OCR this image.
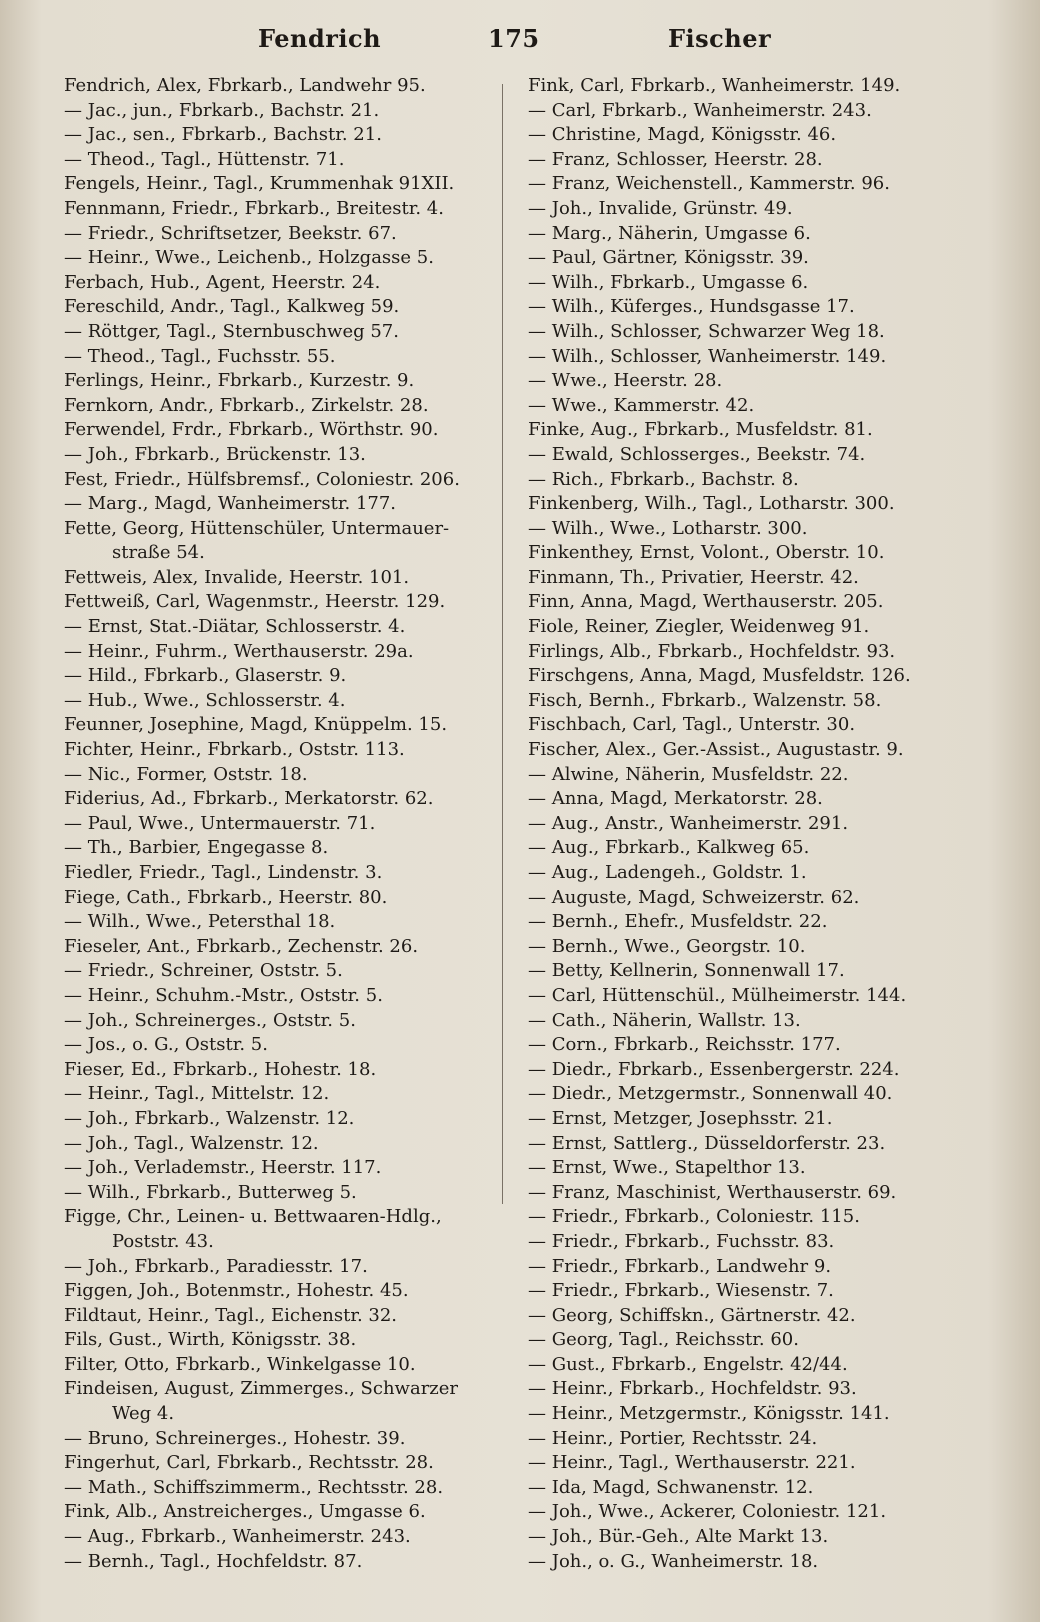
Fendrich	175	Fischer
Fendrich, Alex, Fbrkarb., Landwehr 95.
— Jac., jun., Fbrkarb., Bachstr. 21.
— Jac., sen., Fbrkarb., Bachstr. 21.
— Theod., Tagl., Hüttenstr. 71.
Fengels, Heinr., Tagl., Krummenhak 91XII.
Fennmann, Friedr., Fbrkarb., Breitestr. 4.
— Friedr., Schriftsetzer, Beekstr. 67.
— Heinr., Wwe., Leichenb., Holzgasse 5.
Ferbach, Hub., Agent, Heerstr. 24.
Fereschild, Andr., Tagl., Kalkweg 59.
— Röttger, Tagl., Sternbuschweg 57.
— Theod., Tagl., Fuchsstr. 55.
Ferlings, Heinr., Fbrkarb., Kurzestr. 9.
Fernkorn, Andr., Fbrkarb., Zirkelstr. 28.
Ferwendel, Frdr., Fbrkarb., Wörthstr. 90.
— Joh., Fbrkarb., Brückenstr. 13.
Fest, Friedr., Hülfsbremsf., Coloniestr. 206.
— Marg., Magd, Wanheimerstr. 177.
Fette, Georg, Hüttenschüler, Untermauer-
straße 54.
Fettweis, Alex, Invalide, Heerstr. 101.
Fettweiß, Carl, Wagenmstr., Heerstr. 129.
— Ernst, Stat.-Diätar, Schlosserstr. 4.
— Heinr., Fuhrm., Werthauserstr. 29a.
— Hild., Fbrkarb., Glaserstr. 9.
— Hub., Wwe., Schlosserstr. 4.
Feunner, Josephine, Magd, Knüppelm. 15.
Fichter, Heinr., Fbrkarb., Oststr. 113.
— Nic., Former, Oststr. 18.
Fiderius, Ad., Fbrkarb., Merkatorstr. 62.
— Paul, Wwe., Untermauerstr. 71.
— Th., Barbier, Engegasse 8.
Fiedler, Friedr., Tagl., Lindenstr. 3.
Fiege, Cath., Fbrkarb., Heerstr. 80.
— Wilh., Wwe., Petersthal 18.
Fieseler, Ant., Fbrkarb., Zechenstr. 26.
— Friedr., Schreiner, Oststr. 5.
— Heinr., Schuhm.-Mstr., Oststr. 5.
— Joh., Schreinerges., Oststr. 5.
— Jos., o. G., Oststr. 5.
Fieser, Ed., Fbrkarb., Hohestr. 18.
— Heinr., Tagl., Mittelstr. 12.
— Joh., Fbrkarb., Walzenstr. 12.
— Joh., Tagl., Walzenstr. 12.
— Joh., Verlademstr., Heerstr. 117.
— Wilh., Fbrkarb., Butterweg 5.
Figge, Chr., Leinen- u. Bettwaaren-Hdlg.,
Poststr. 43.
— Joh., Fbrkarb., Paradiesstr. 17.
Figgen, Joh., Botenmstr., Hohestr. 45.
Fildtaut, Heinr., Tagl., Eichenstr. 32.
Fils, Gust., Wirth, Königsstr. 38.
Filter, Otto, Fbrkarb., Winkelgasse 10.
Findeisen, August, Zimmerges., Schwarzer
Weg 4.
— Bruno, Schreinerges., Hohestr. 39.
Fingerhut, Carl, Fbrkarb., Rechtsstr. 28.
— Math., Schiffszimmerm., Rechtsstr. 28.
Fink, Alb., Anstreicherges., Umgasse 6.
— Aug., Fbrkarb., Wanheimerstr. 243.
— Bernh., Tagl., Hochfeldstr. 87.
Fink, Carl, Fbrkarb., Wanheimerstr. 149.
— Carl, Fbrkarb., Wanheimerstr. 243.
— Christine, Magd, Königsstr. 46.
— Franz, Schlosser, Heerstr. 28.
— Franz, Weichenstell., Kammerstr. 96.
— Joh., Invalide, Grünstr. 49.
— Marg., Näherin, Umgasse 6.
— Paul, Gärtner, Königsstr. 39.
— Wilh., Fbrkarb., Umgasse 6.
— Wilh., Küferges., Hundsgasse 17.
— Wilh., Schlosser, Schwarzer Weg 18.
— Wilh., Schlosser, Wanheimerstr. 149.
— Wwe., Heerstr. 28.
— Wwe., Kammerstr. 42.
Finke, Aug., Fbrkarb., Musfeldstr. 81.
— Ewald, Schlosserges., Beekstr. 74.
— Rich., Fbrkarb., Bachstr. 8.
Finkenberg, Wilh., Tagl., Lotharstr. 300.
— Wilh., Wwe., Lotharstr. 300.
Finkenthey, Ernst, Volont., Oberstr. 10.
Finmann, Th., Privatier, Heerstr. 42.
Finn, Anna, Magd, Werthauserstr. 205.
Fiole, Reiner, Ziegler, Weidenweg 91.
Firlings, Alb., Fbrkarb., Hochfeldstr. 93.
Firschgens, Anna, Magd, Musfeldstr. 126.
Fisch, Bernh., Fbrkarb., Walzenstr. 58.
Fischbach, Carl, Tagl., Unterstr. 30.
Fischer, Alex., Ger.-Assist., Augustastr. 9.
— Alwine, Näherin, Musfeldstr. 22.
— Anna, Magd, Merkatorstr. 28.
— Aug., Anstr., Wanheimerstr. 291.
— Aug., Fbrkarb., Kalkweg 65.
— Aug., Ladengeh., Goldstr. 1.
— Auguste, Magd, Schweizerstr. 62.
— Bernh., Ehefr., Musfeldstr. 22.
— Bernh., Wwe., Georgstr. 10.
— Betty, Kellnerin, Sonnenwall 17.
— Carl, Hüttenschül., Mülheimerstr. 144.
— Cath., Näherin, Wallstr. 13.
— Corn., Fbrkarb., Reichsstr. 177.
— Diedr., Fbrkarb., Essenbergerstr. 224.
— Diedr., Metzgermstr., Sonnenwall 40.
— Ernst, Metzger, Josephsstr. 21.
— Ernst, Sattlerg., Düsseldorferstr. 23.
— Ernst, Wwe., Stapelthor 13.
— Franz, Maschinist, Werthauserstr. 69.
— Friedr., Fbrkarb., Coloniestr. 115.
— Friedr., Fbrkarb., Fuchsstr. 83.
— Friedr., Fbrkarb., Landwehr 9.
— Friedr., Fbrkarb., Wiesenstr. 7.
— Georg, Schiffskn., Gärtnerstr. 42.
— Georg, Tagl., Reichsstr. 60.
— Gust., Fbrkarb., Engelstr. 42/44.
— Heinr., Fbrkarb., Hochfeldstr. 93.
— Heinr., Metzgermstr., Königsstr. 141.
— Heinr., Portier, Rechtsstr. 24.
— Heinr., Tagl., Werthauserstr. 221.
— Ida, Magd, Schwanenstr. 12.
— Joh., Wwe., Ackerer, Coloniestr. 121.
— Joh., Bür.-Geh., Alte Markt 13.
— Joh., o. G., Wanheimerstr. 18.
